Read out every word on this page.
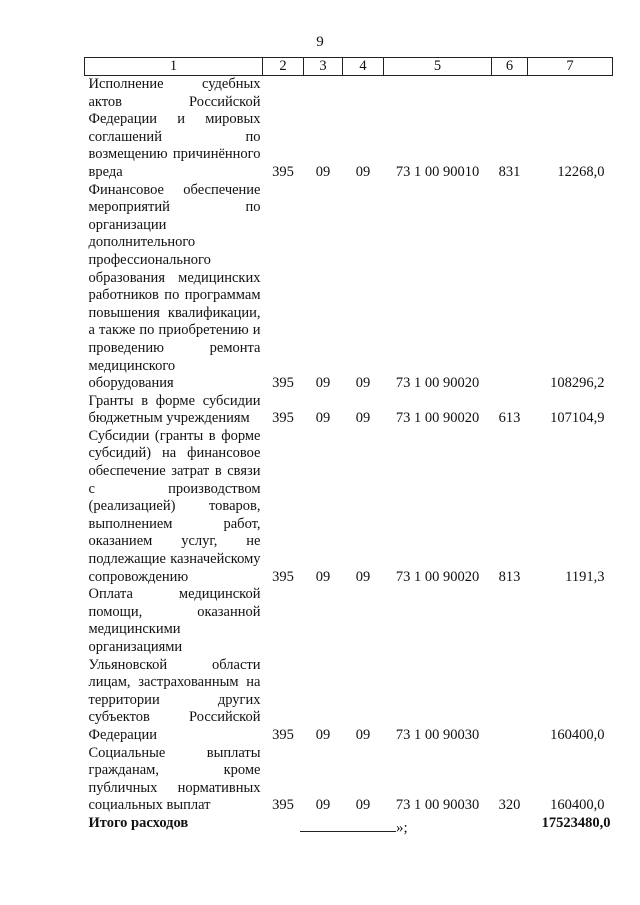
9
1	2	3	4	5	6	7
Исполнение судебных актов Российской Федерации и мировых соглашений по возмещению причинённого вреда	395	09	09	73 1 00 90010	831	12268,0
Финансовое обеспечение мероприятий по организации дополнительного профессионального образования медицинских работников по программам повышения квалификации, а также по приобретению и проведению ремонта медицинского оборудования	395	09	09	73 1 00 90020		108296,2
Гранты в форме субсидии бюджетным учреждениям	395	09	09	73 1 00 90020	613	107104,9
Субсидии (гранты в форме субсидий) на финансовое обеспечение затрат в связи с производством (реализацией) товаров, выполнением работ, оказанием услуг, не подлежащие казначейскому сопровождению	395	09	09	73 1 00 90020	813	1191,3
Оплата медицинской помощи, оказанной медицинскими организациями Ульяновской области лицам, застрахованным на территории других субъектов Российской Федерации	395	09	09	73 1 00 90030		160400,0
Социальные выплаты гражданам, кроме публичных нормативных социальных выплат	395	09	09	73 1 00 90030	320	160400,0
Итого расходов						17523480,0
»;
